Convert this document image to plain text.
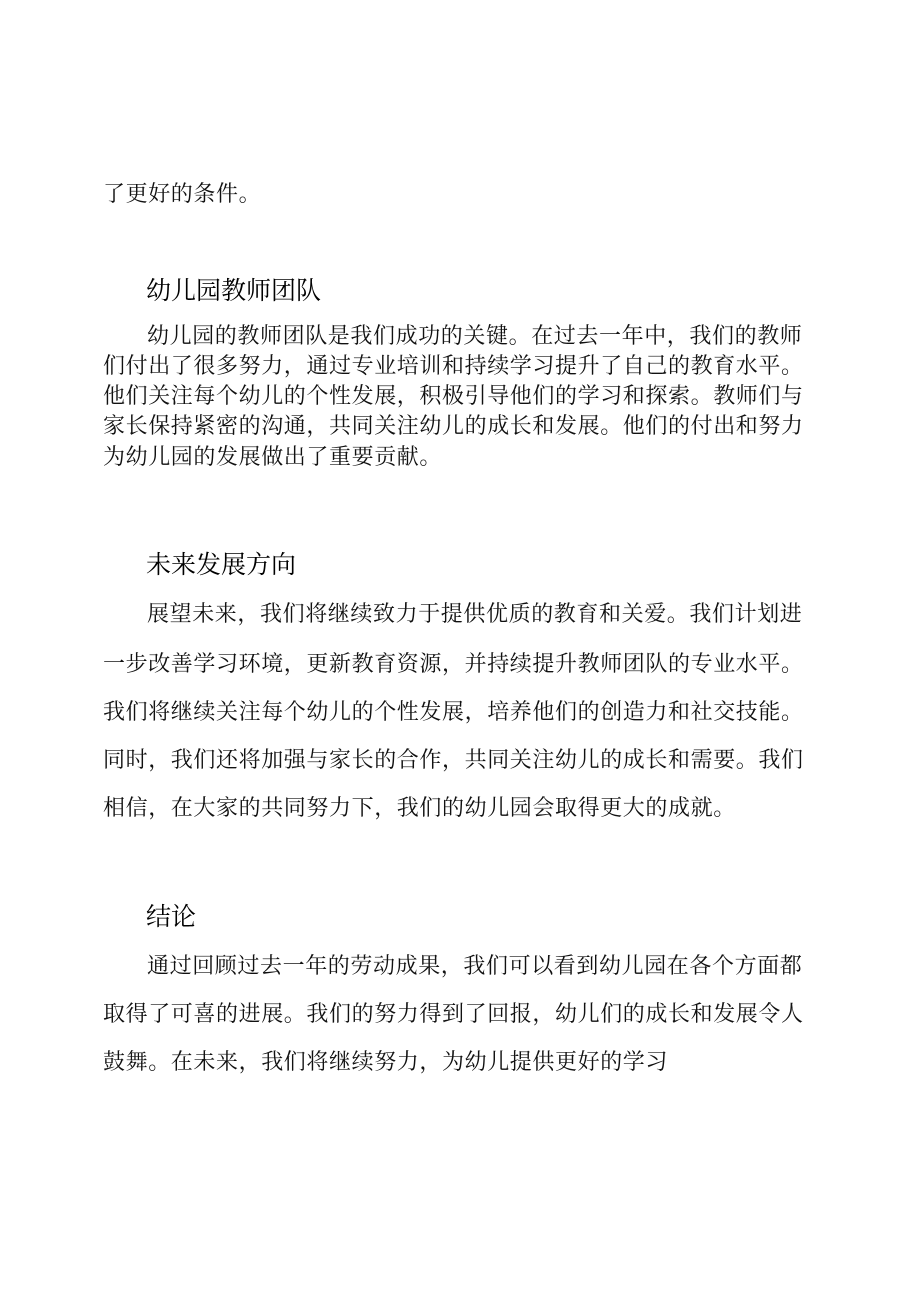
了更好的条件。

幼儿园教师团队

幼儿园的教师团队是我们成功的关键。在过去一年中，我们的教师

们付出了很多努力，通过专业培训和持续学习提升了自己的教育水平。

他们关注每个幼儿的个性发展，积极引导他们的学习和探索。教师们与

家长保持紧密的沟通，共同关注幼儿的成长和发展。他们的付出和努力

为幼儿园的发展做出了重要贡献。

未来发展方向

展望未来，我们将继续致力于提供优质的教育和关爱。我们计划进

一步改善学习环境，更新教育资源，并持续提升教师团队的专业水平。

我们将继续关注每个幼儿的个性发展，培养他们的创造力和社交技能。

同时，我们还将加强与家长的合作，共同关注幼儿的成长和需要。我们

相信，在大家的共同努力下，我们的幼儿园会取得更大的成就。

结论

通过回顾过去一年的劳动成果，我们可以看到幼儿园在各个方面都

取得了可喜的进展。我们的努力得到了回报，幼儿们的成长和发展令人

鼓舞。在未来，我们将继续努力，为幼儿提供更好的学习
